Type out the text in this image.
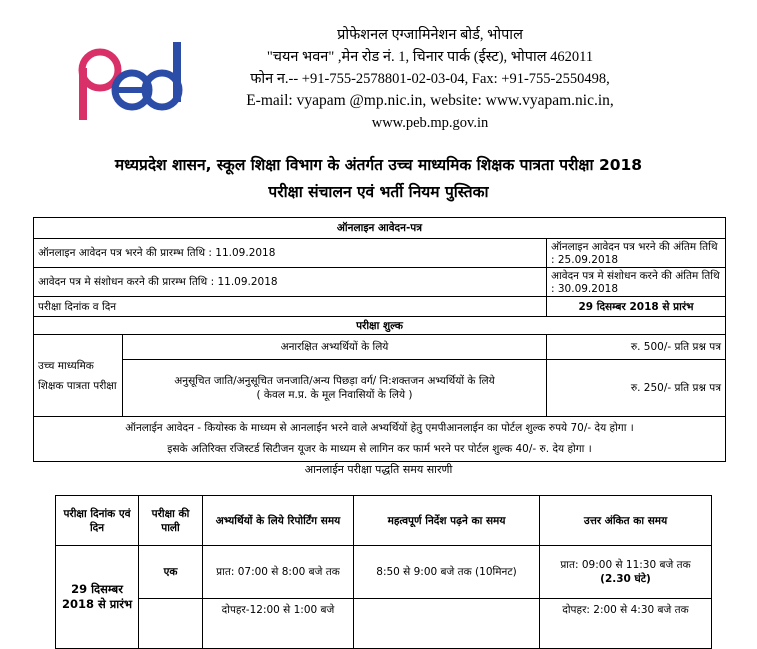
प्रोफेशनल एग्जामिनेशन बोर्ड, भोपाल
"चयन भवन" ,मेन रोड नं. 1, चिनार पार्क (ईस्ट), भोपाल 462011
फोन न.-- +91-755-2578801-02-03-04, Fax: +91-755-2550498,
E-mail: vyapam @mp.nic.in, website: www.vyapam.nic.in,
www.peb.mp.gov.in
मध्यप्रदेश शासन, स्कूल शिक्षा विभाग के अंतर्गत उच्च माध्यमिक शिक्षक पात्रता परीक्षा 2018
परीक्षा संचालन एवं भर्ती नियम पुस्तिका
ऑनलाइन आवेदन-पत्र		
ऑनलाइन आवेदन पत्र भरने की प्रारम्भ तिथि : 11.09.2018		ऑनलाइन आवेदन पत्र भरने की अंतिम तिथि : 25.09.2018
आवेदन पत्र मे संशोधन करने की प्रारम्भ तिथि : 11.09.2018		आवेदन पत्र मे संशोधन करने की अंतिम तिथि : 30.09.2018
परीक्षा दिनांक व दिन		29 दिसम्बर 2018 से प्रारंभ
परीक्षा शुल्क		
उच्च माध्यमिक शिक्षक पात्रता परीक्षा	अनारक्षित अभ्यर्थियों के लिये	रु. 500/- प्रति प्रश्न पत्र

	अनुसूचित जाति/अनुसूचित जनजाति/अन्य पिछड़ा वर्ग/ नि:शक्तजन अभ्यर्थियों के लिये
( केवल म.प्र. के मूल निवासियों के लिये )	रु. 250/- प्रति प्रश्न पत्र

ऑनलाईन आवेदन - कियोस्क के माध्यम से आनलाईन भरने वाले अभ्यर्थियों हेतु एमपीआनलाईन का पोर्टल शुल्क रुपये 70/- देय होगा ।
इसके अतिरिक्त रजिस्टर्ड सिटीजन यूजर के माध्यम से लागिन कर फार्म भरने पर पोर्टल शुल्क 40/- रु. देय होगा ।		
आनलाईन परीक्षा पद्धति समय सारणी
परीक्षा दिनांक एवं दिन	परीक्षा की पाली	अभ्यर्थियों के लिये रिपोर्टिंग समय	महत्वपूर्ण निर्देश पढ़ने का समय	उत्तर अंकित का समय
29 दिसम्बर 2018 से प्रारंभ	एक	प्रात: 07:00 से 8:00 बजे तक	8:50 से 9:00 बजे तक (10मिनट)	प्रात: 09:00 से 11:30 बजे तक
(2.30 घंटे)

		दोपहर-12:00 से 1:00 बजे		दोपहर: 2:00 से 4:30 बजे तक
